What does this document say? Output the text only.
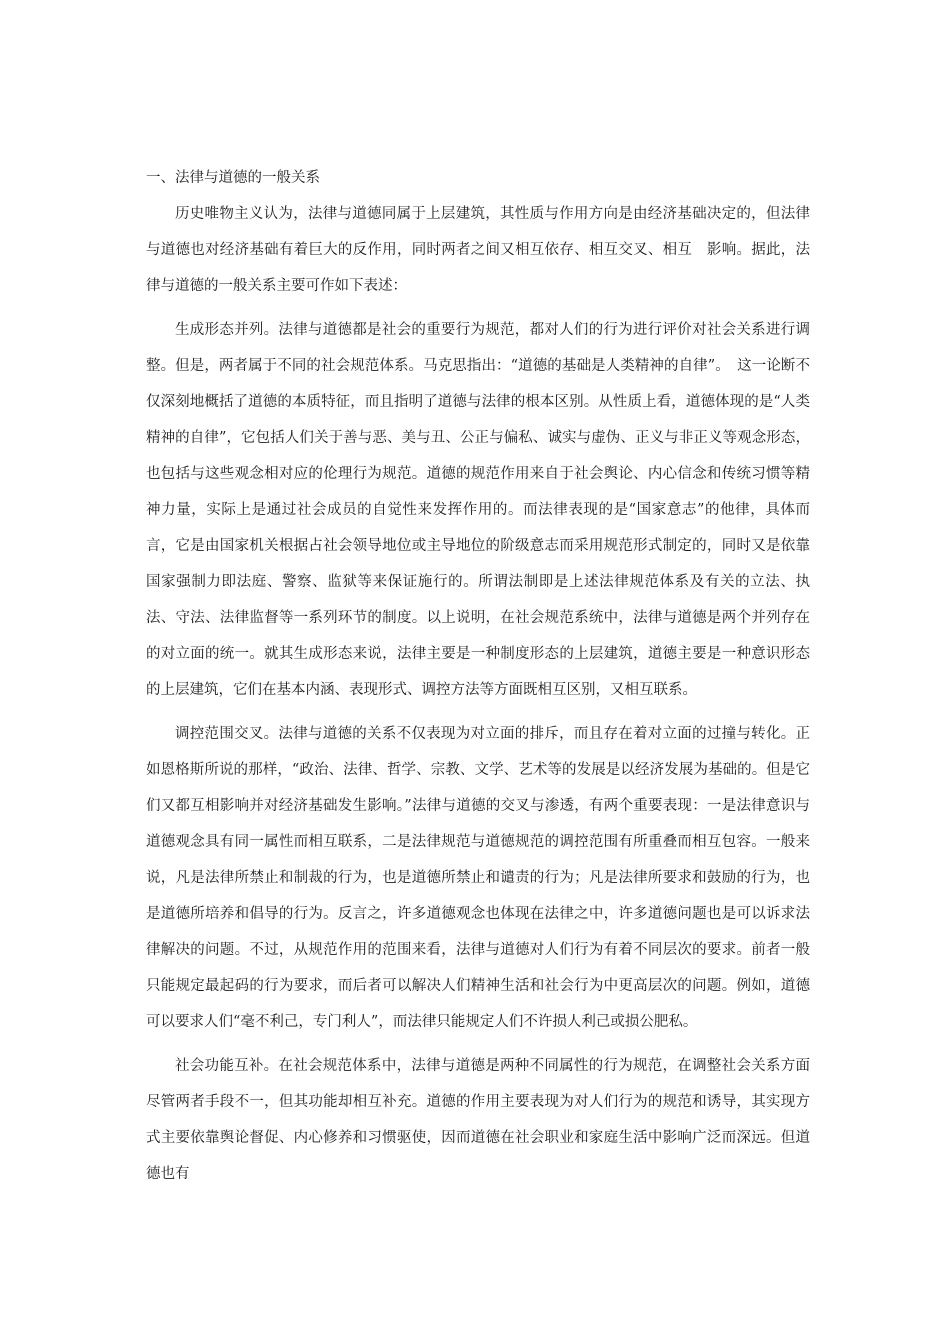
一、法律与道德的一般关系

历史唯物主义认为，法律与道德同属于上层建筑，其性质与作用方向是由经济基础决定的，但法律与道德也对经济基础有着巨大的反作用，同时两者之间又相互依存、相互交叉、相互　影响。据此，法律与道德的一般关系主要可作如下表述：

生成形态并列。法律与道德都是社会的重要行为规范，都对人们的行为进行评价对社会关系进行调整。但是，两者属于不同的社会规范体系。马克思指出：“道德的基础是人类精神的自律”。　这一论断不仅深刻地概括了道德的本质特征，而且指明了道德与法律的根本区别。从性质上看，道德体现的是“人类精神的自律”，它包括人们关于善与恶、美与丑、公正与偏私、诚实与虚伪、正义与非正义等观念形态，也包括与这些观念相对应的伦理行为规范。道德的规范作用来自于社会舆论、内心信念和传统习惯等精神力量，实际上是通过社会成员的自觉性来发挥作用的。而法律表现的是“国家意志”的他律，具体而言，它是由国家机关根据占社会领导地位或主导地位的阶级意志而采用规范形式制定的，同时又是依靠国家强制力即法庭、警察、监狱等来保证施行的。所谓法制即是上述法律规范体系及有关的立法、执法、守法、法律监督等一系列环节的制度。以上说明，在社会规范系统中，法律与道德是两个并列存在的对立面的统一。就其生成形态来说，法律主要是一种制度形态的上层建筑，道德主要是一种意识形态 的上层建筑，它们在基本内涵、表现形式、调控方法等方面既相互区别，又相互联系。

调控范围交叉。法律与道德的关系不仅表现为对立面的排斥，而且存在着对立面的过撞与转化。正如恩格斯所说的那样，“政治、法律、哲学、宗教、文学、艺术等的发展是以经济发展为基础的。但是它们又都互相影响并对经济基础发生影响。”法律与道德的交叉与渗透，有两个重要表现：一是法律意识与道德观念具有同一属性而相互联系，二是法律规范与道德规范的调控范围有所重叠而相互包容。一般来说，凡是法律所禁止和制裁的行为，也是道德所禁止和谴责的行为；凡是法律所要求和鼓励的行为，也是道德所培养和倡导的行为。反言之，许多道德观念也体现在法律之中，许多道德问题也是可以诉求法律解决的问题。不过，从规范作用的范围来看，法律与道德对人们行为有着不同层次的要求。前者一般只能规定最起码的行为要求，而后者可以解决人们精神生活和社会行为中更高层次的问题。例如，道德可以要求人们“毫不利己，专门利人”，而法律只能规定人们不许损人利己或损公肥私。

社会功能互补。在社会规范体系中，法律与道德是两种不同属性的行为规范，在调整社会关系方面尽管两者手段不一，但其功能却相互补充。道德的作用主要表现为对人们行为的规范和诱导，其实现方式主要依靠舆论督促、内心修养和习惯驱使，因而道德在社会职业和家庭生活中影响广泛而深远。但道德也有
